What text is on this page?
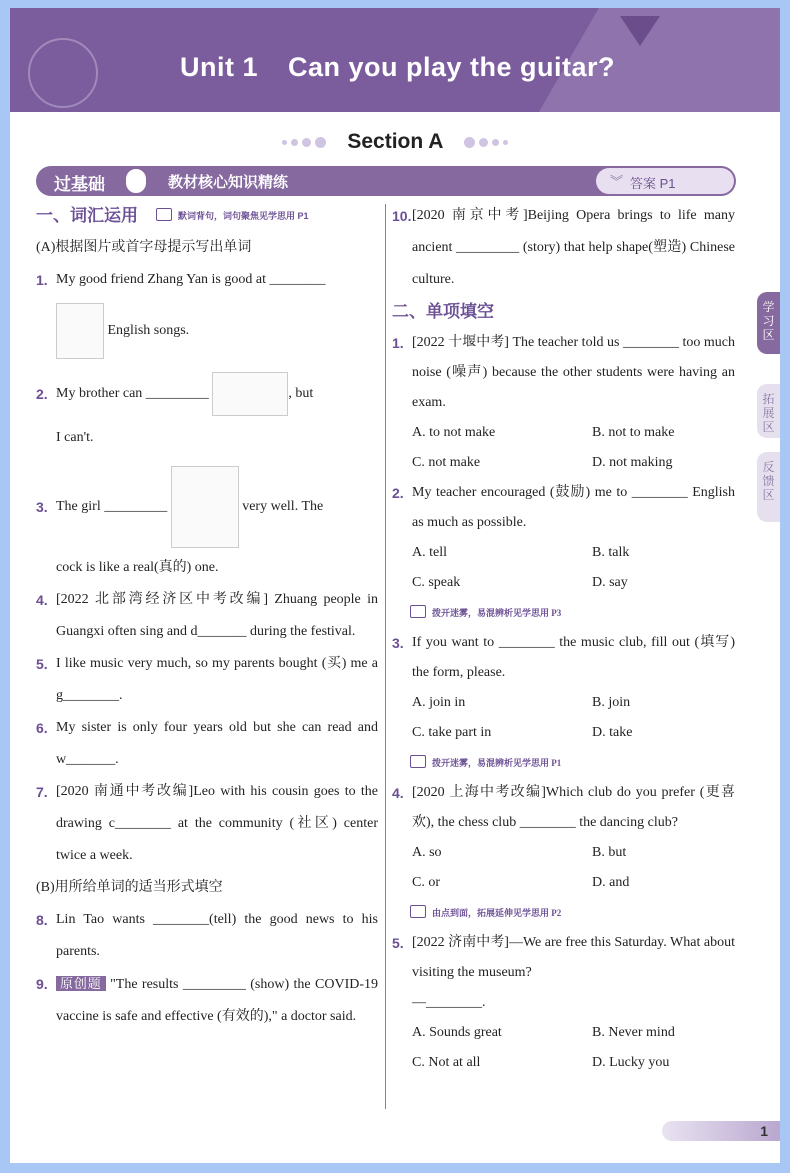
Unit 1 Can you play the guitar?
Section A
过基础	教材核心知识精练	︾ 答案 P1
一、词汇运用	默词背句，词句聚焦见学思用 P1
(A)根据图片或首字母提示写出单词
1. My good friend Zhang Yan is good at ________
English songs.
2. My brother can _________	, but
I can't.
3. The girl _________	very well. The
cock is like a real(真的) one.
4. [2022 北部湾经济区中考改编] Zhuang people in Guangxi often sing and d_______ during the festival.
5. I like music very much, so my parents bought (买) me a g________.
6. My sister is only four years old but she can read and w_______.
7. [2020 南通中考改编]Leo with his cousin goes to the drawing c________ at the community (社区) center twice a week.
(B)用所给单词的适当形式填空
8. Lin Tao wants ________(tell) the good news to his parents.
9. 原创题 "The results _________ (show) the COVID-19 vaccine is safe and effective (有效的)," a doctor said.
10. [2020 南京中考]Beijing Opera brings to life many ancient _________ (story) that help shape(塑造) Chinese culture.
二、单项填空
1. [2022 十堰中考] The teacher told us ________ too much noise (噪声) because the other students were having an exam.
A. to not make	B. not to make
C. not make	D. not making
2. My teacher encouraged (鼓励) me to ________ English as much as possible.
A. tell	B. talk
C. speak	D. say
拨开迷雾，易混辨析见学思用 P3
3. If you want to ________ the music club, fill out (填写) the form, please.
A. join in	B. join
C. take part in	D. take
拨开迷雾，易混辨析见学思用 P1
4. [2020 上海中考改编]Which club do you prefer (更喜欢), the chess club ________ the dancing club?
A. so	B. but
C. or	D. and
由点到面，拓展延伸见学思用 P2
5. [2022 济南中考]—We are free this Saturday. What about visiting the museum?
—________.
A. Sounds great	B. Never mind
C. Not at all	D. Lucky you
学习区
拓展区
反馈区
1
